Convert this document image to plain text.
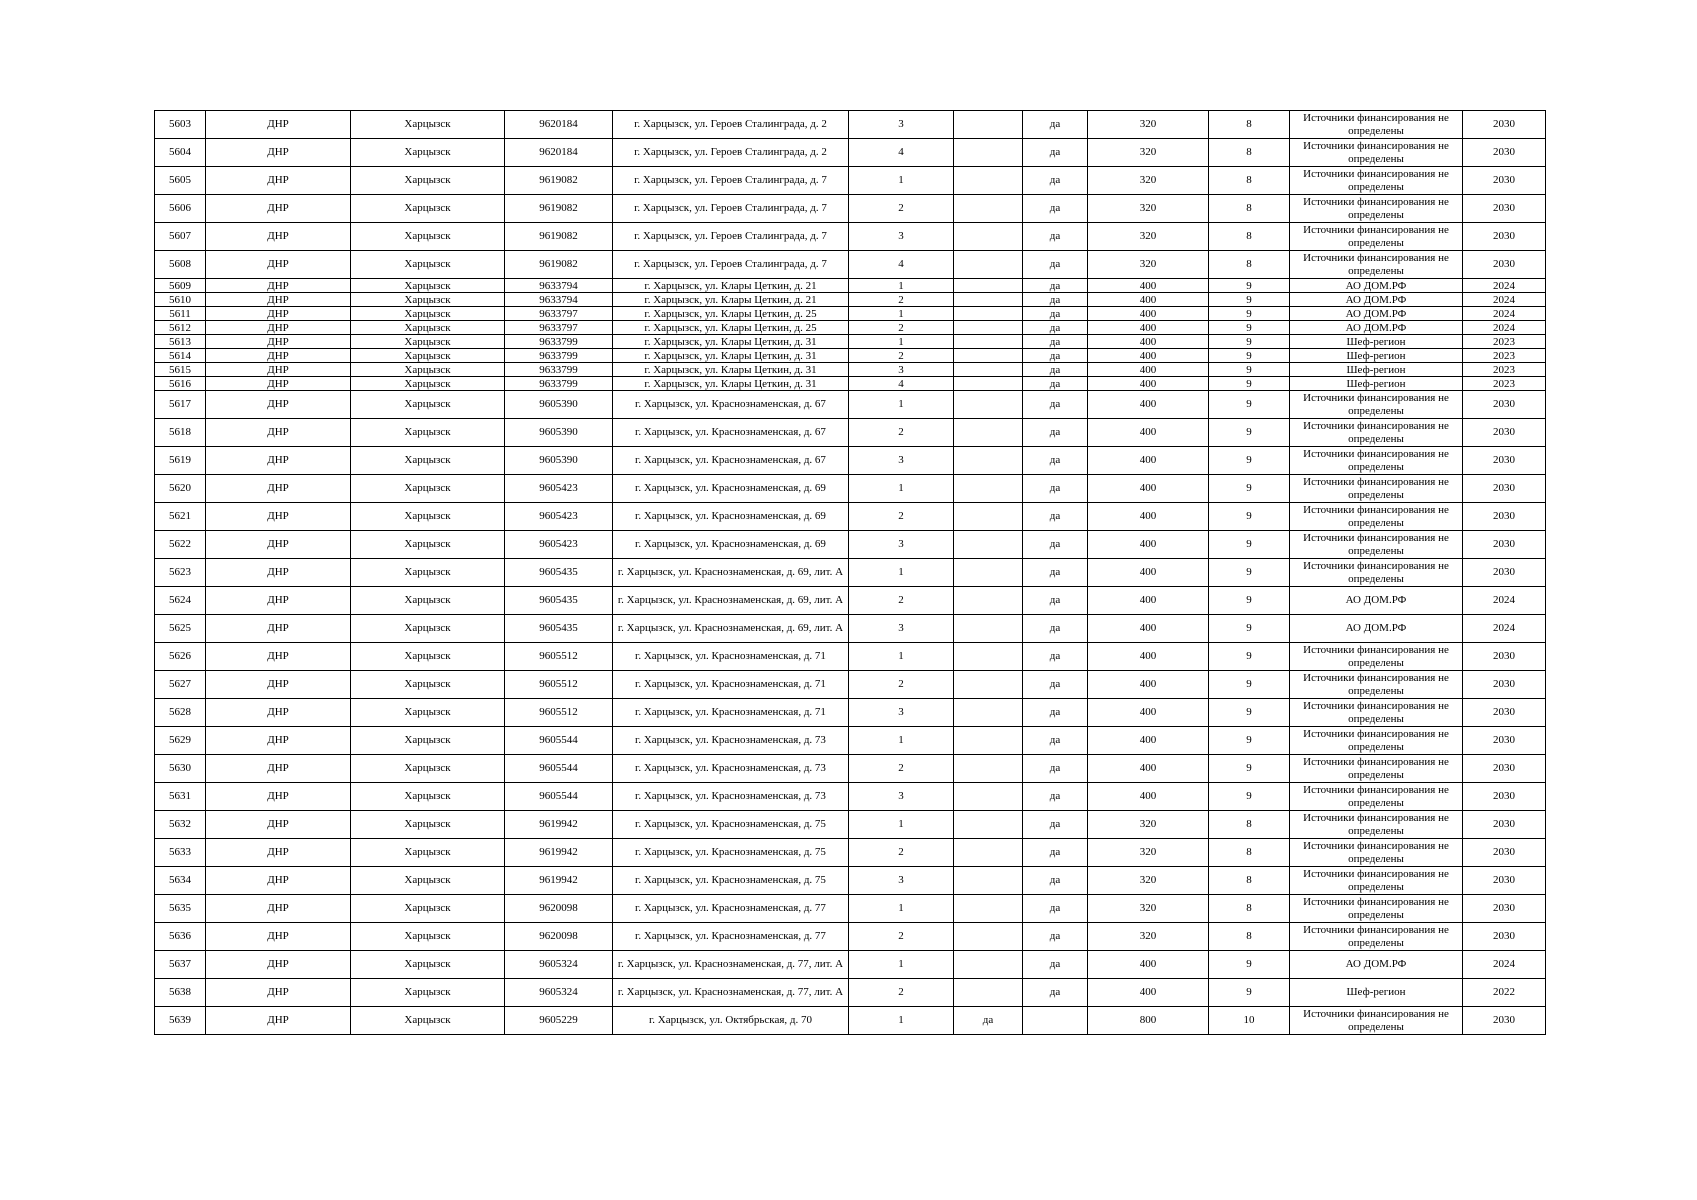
5603	ДНР	Харцызск	9620184	г. Харцызск, ул. Героев Сталинграда, д. 2	3		да	320	8	Источники финансирования не определены	2030
5604	ДНР	Харцызск	9620184	г. Харцызск, ул. Героев Сталинграда, д. 2	4		да	320	8	Источники финансирования не определены	2030
5605	ДНР	Харцызск	9619082	г. Харцызск, ул. Героев Сталинграда, д. 7	1		да	320	8	Источники финансирования не определены	2030
5606	ДНР	Харцызск	9619082	г. Харцызск, ул. Героев Сталинграда, д. 7	2		да	320	8	Источники финансирования не определены	2030
5607	ДНР	Харцызск	9619082	г. Харцызск, ул. Героев Сталинграда, д. 7	3		да	320	8	Источники финансирования не определены	2030
5608	ДНР	Харцызск	9619082	г. Харцызск, ул. Героев Сталинграда, д. 7	4		да	320	8	Источники финансирования не определены	2030
5609	ДНР	Харцызск	9633794	г. Харцызск, ул. Клары Цеткин, д. 21	1		да	400	9	АО ДОМ.РФ	2024
5610	ДНР	Харцызск	9633794	г. Харцызск, ул. Клары Цеткин, д. 21	2		да	400	9	АО ДОМ.РФ	2024
5611	ДНР	Харцызск	9633797	г. Харцызск, ул. Клары Цеткин, д. 25	1		да	400	9	АО ДОМ.РФ	2024
5612	ДНР	Харцызск	9633797	г. Харцызск, ул. Клары Цеткин, д. 25	2		да	400	9	АО ДОМ.РФ	2024
5613	ДНР	Харцызск	9633799	г. Харцызск, ул. Клары Цеткин, д. 31	1		да	400	9	Шеф-регион	2023
5614	ДНР	Харцызск	9633799	г. Харцызск, ул. Клары Цеткин, д. 31	2		да	400	9	Шеф-регион	2023
5615	ДНР	Харцызск	9633799	г. Харцызск, ул. Клары Цеткин, д. 31	3		да	400	9	Шеф-регион	2023
5616	ДНР	Харцызск	9633799	г. Харцызск, ул. Клары Цеткин, д. 31	4		да	400	9	Шеф-регион	2023
5617	ДНР	Харцызск	9605390	г. Харцызск, ул. Краснознаменская, д. 67	1		да	400	9	Источники финансирования не определены	2030
5618	ДНР	Харцызск	9605390	г. Харцызск, ул. Краснознаменская, д. 67	2		да	400	9	Источники финансирования не определены	2030
5619	ДНР	Харцызск	9605390	г. Харцызск, ул. Краснознаменская, д. 67	3		да	400	9	Источники финансирования не определены	2030
5620	ДНР	Харцызск	9605423	г. Харцызск, ул. Краснознаменская, д. 69	1		да	400	9	Источники финансирования не определены	2030
5621	ДНР	Харцызск	9605423	г. Харцызск, ул. Краснознаменская, д. 69	2		да	400	9	Источники финансирования не определены	2030
5622	ДНР	Харцызск	9605423	г. Харцызск, ул. Краснознаменская, д. 69	3		да	400	9	Источники финансирования не определены	2030
5623	ДНР	Харцызск	9605435	г. Харцызск, ул. Краснознаменская, д. 69, лит. А	1		да	400	9	Источники финансирования не определены	2030
5624	ДНР	Харцызск	9605435	г. Харцызск, ул. Краснознаменская, д. 69, лит. А	2		да	400	9	АО ДОМ.РФ	2024
5625	ДНР	Харцызск	9605435	г. Харцызск, ул. Краснознаменская, д. 69, лит. А	3		да	400	9	АО ДОМ.РФ	2024
5626	ДНР	Харцызск	9605512	г. Харцызск, ул. Краснознаменская, д. 71	1		да	400	9	Источники финансирования не определены	2030
5627	ДНР	Харцызск	9605512	г. Харцызск, ул. Краснознаменская, д. 71	2		да	400	9	Источники финансирования не определены	2030
5628	ДНР	Харцызск	9605512	г. Харцызск, ул. Краснознаменская, д. 71	3		да	400	9	Источники финансирования не определены	2030
5629	ДНР	Харцызск	9605544	г. Харцызск, ул. Краснознаменская, д. 73	1		да	400	9	Источники финансирования не определены	2030
5630	ДНР	Харцызск	9605544	г. Харцызск, ул. Краснознаменская, д. 73	2		да	400	9	Источники финансирования не определены	2030
5631	ДНР	Харцызск	9605544	г. Харцызск, ул. Краснознаменская, д. 73	3		да	400	9	Источники финансирования не определены	2030
5632	ДНР	Харцызск	9619942	г. Харцызск, ул. Краснознаменская, д. 75	1		да	320	8	Источники финансирования не определены	2030
5633	ДНР	Харцызск	9619942	г. Харцызск, ул. Краснознаменская, д. 75	2		да	320	8	Источники финансирования не определены	2030
5634	ДНР	Харцызск	9619942	г. Харцызск, ул. Краснознаменская, д. 75	3		да	320	8	Источники финансирования не определены	2030
5635	ДНР	Харцызск	9620098	г. Харцызск, ул. Краснознаменская, д. 77	1		да	320	8	Источники финансирования не определены	2030
5636	ДНР	Харцызск	9620098	г. Харцызск, ул. Краснознаменская, д. 77	2		да	320	8	Источники финансирования не определены	2030
5637	ДНР	Харцызск	9605324	г. Харцызск, ул. Краснознаменская, д. 77, лит. А	1		да	400	9	АО ДОМ.РФ	2024
5638	ДНР	Харцызск	9605324	г. Харцызск, ул. Краснознаменская, д. 77, лит. А	2		да	400	9	Шеф-регион	2022
5639	ДНР	Харцызск	9605229	г. Харцызск, ул. Октябрьская, д. 70	1	да		800	10	Источники финансирования не определены	2030
